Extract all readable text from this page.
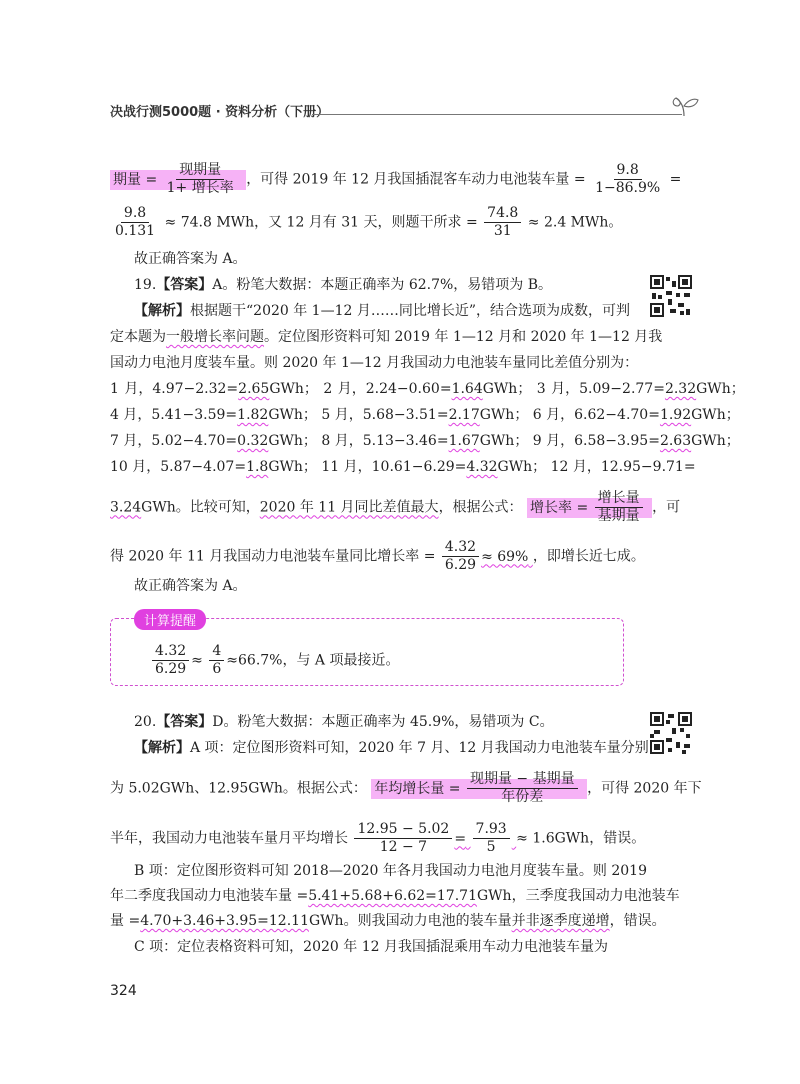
决战行测5000题 · 资料分析（下册）
期量 = $\frac{\text{现期量}}{\text{1+ 增长率}}$ ，可得 2019 年 12 月我国插混客车动力电池装车量 = $\frac{9.8}{1-86.9\%}$ =
$\frac{9.8}{0.131} \approx 74.8$ MWh，又 12 月有 31 天，则题干所求 = $\frac{74.8}{31} \approx 2.4$ MWh。
故正确答案为 A。
19.【答案】A。粉笔大数据：本题正确率为 62.7%，易错项为 B。
【解析】根据题干“2020 年 1—12 月……同比增长近”，结合选项为成数，可判
定本题为一般增长率问题。定位图形资料可知 2019 年 1—12 月和 2020 年 1—12 月我
国动力电池月度装车量。则 2020 年 1—12 月我国动力电池装车量同比差值分别为：
1 月，4.97−2.32=2.65GWh； 2 月，2.24−0.60=1.64GWh； 3 月，5.09−2.77=2.32GWh；
4 月，5.41−3.59=1.82GWh； 5 月，5.68−3.51=2.17GWh； 6 月，6.62−4.70=1.92GWh；
7 月，5.02−4.70=0.32GWh； 8 月，5.13−3.46=1.67GWh； 9 月，6.58−3.95=2.63GWh；
10 月，5.87−4.07=1.8GWh； 11 月，10.61−6.29=4.32GWh； 12 月，12.95−9.71=
3.24GWh。比较可知，2020 年 11 月同比差值最大，根据公式： 增长率 = $\frac{\text{增长量}}{\text{基期量}}$ ，可
得 2020 年 11 月我国动力电池装车量同比增长率 = $\frac{4.32}{6.29} \approx 69\%$ ，即增长近七成。
故正确答案为 A。
计算提醒
$\frac{4.32}{6.29} \approx \frac{4}{6} \approx 66.7\%$，与 A 项最接近。
20.【答案】D。粉笔大数据：本题正确率为 45.9%，易错项为 C。
【解析】A 项：定位图形资料可知，2020 年 7 月、12 月我国动力电池装车量分别
为 5.02GWh、12.95GWh。根据公式： 年均增长量 = $\frac{\text{现期量 − 基期量}}{\text{年份差}}$ ，可得 2020 年下
半年，我国动力电池装车量月平均增长 $\frac{12.95 - 5.02}{12 - 7} = \frac{7.93}{5} \approx 1.6GWh$，错误。
B 项：定位图形资料可知 2018—2020 年各月我国动力电池月度装车量。则 2019
年二季度我国动力电池装车量 =5.41+5.68+6.62=17.71GWh，三季度我国动力电池装车
量 =4.70+3.46+3.95=12.11GWh。则我国动力电池的装车量并非逐季度递增，错误。
C 项：定位表格资料可知，2020 年 12 月我国插混乘用车动力电池装车量为
324
